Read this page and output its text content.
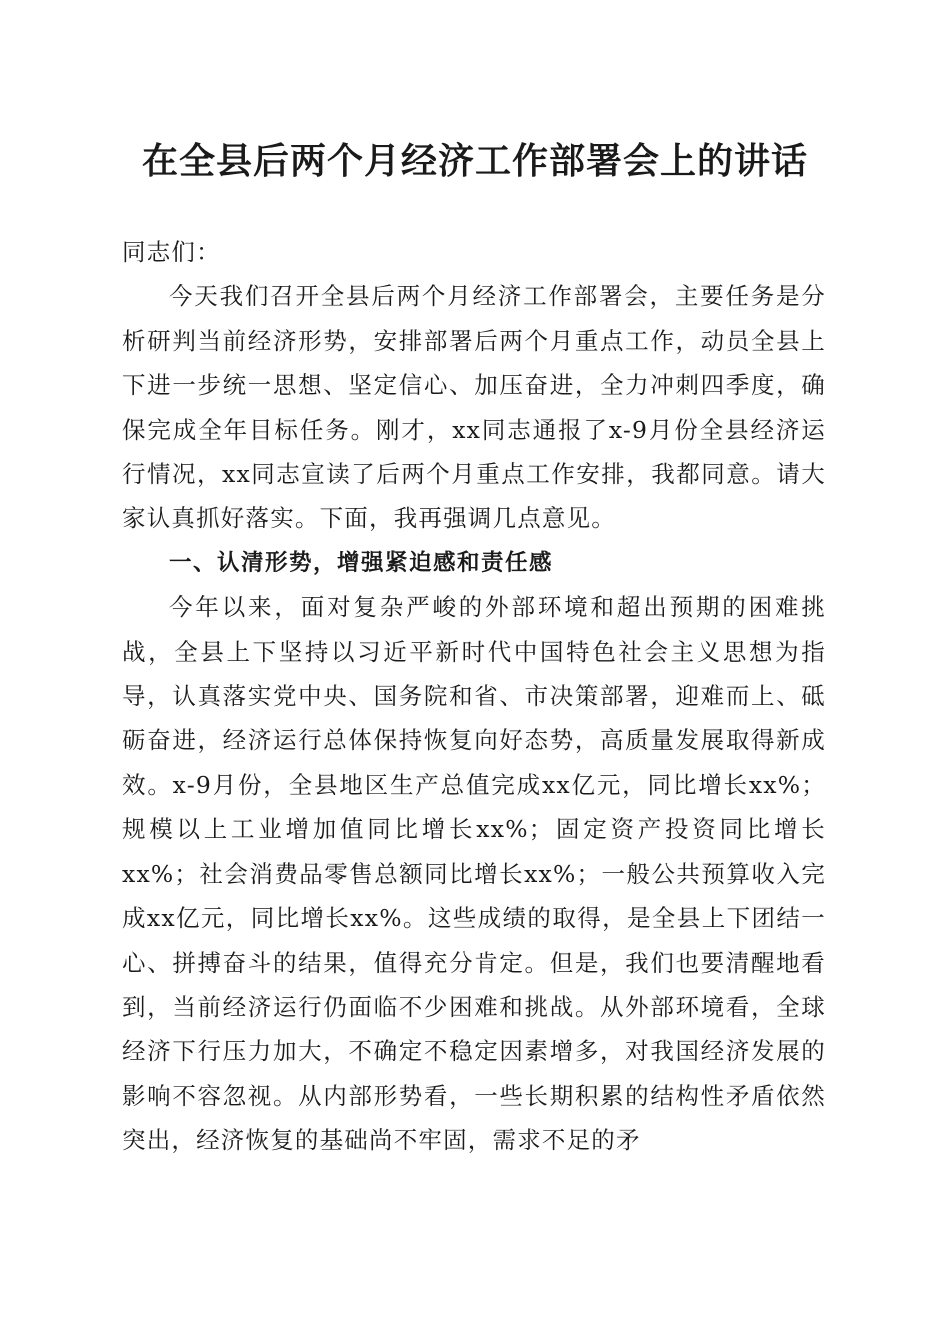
在全县后两个月经济工作部署会上的讲话

同志们：

今天我们召开全县后两个月经济工作部署会，主要任务是分析研判当前经济形势，安排部署后两个月重点工作，动员全县上下进一步统一思想、坚定信心、加压奋进，全力冲刺四季度，确保完成全年目标任务。刚才，xx同志通报了x-9月份全县经济运行情况，xx同志宣读了后两个月重点工作安排，我都同意。请大家认真抓好落实。下面，我再强调几点意见。

一、认清形势，增强紧迫感和责任感

今年以来，面对复杂严峻的外部环境和超出预期的困难挑战，全县上下坚持以习近平新时代中国特色社会主义思想为指导，认真落实党中央、国务院和省、市决策部署，迎难而上、砥砺奋进，经济运行总体保持恢复向好态势，高质量发展取得新成效。x-9月份，全县地区生产总值完成xx亿元，同比增长xx%；规模以上工业增加值同比增长xx%；固定资产投资同比增长xx%；社会消费品零售总额同比增长xx%；一般公共预算收入完成xx亿元，同比增长xx%。这些成绩的取得，是全县上下团结一心、拼搏奋斗的结果，值得充分肯定。但是，我们也要清醒地看到，当前经济运行仍面临不少困难和挑战。从外部环境看，全球经济下行压力加大，不确定不稳定因素增多，对我国经济发展的影响不容忽视。从内部形势看，一些长期积累的结构性矛盾依然突出，经济恢复的基础尚不牢固，需求不足的矛
